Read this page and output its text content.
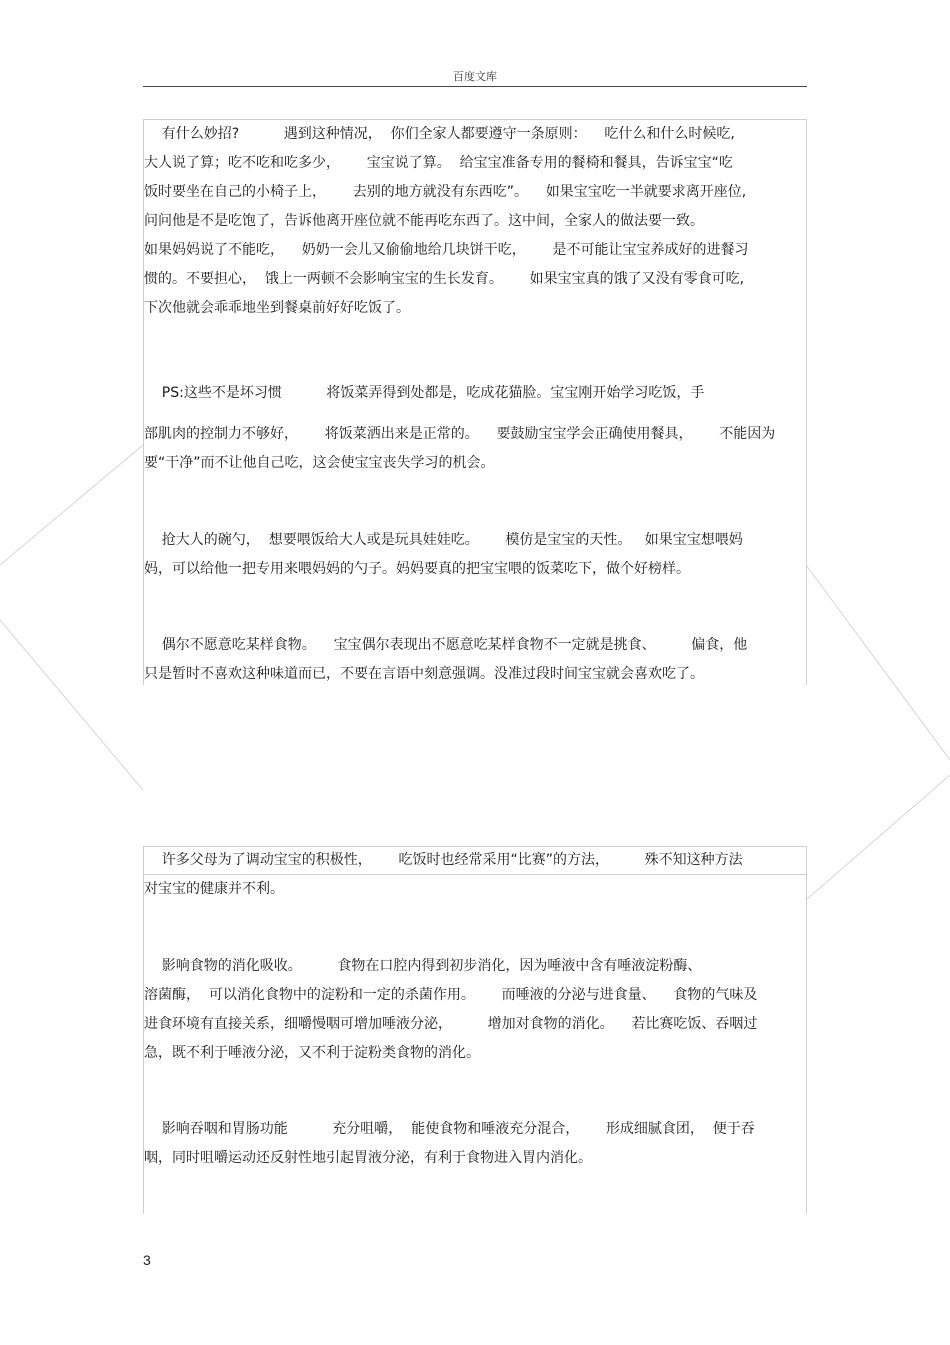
百度文库
有什么妙招?          遇到这种情况，  你们全家人都要遵守一条原则：    吃什么和什么时候吃,
大人说了算；吃不吃和吃多少，      宝宝说了算。  给宝宝准备专用的餐椅和餐具，告诉宝宝“吃
饭时要坐在自己的小椅子上，      去别的地方就没有东西吃”。    如果宝宝吃一半就要求离开座位,
问问他是不是吃饱了，告诉他离开座位就不能再吃东西了。这中间，全家人的做法要一致。
如果妈妈说了不能吃，    奶奶一会儿又偷偷地给几块饼干吃，      是不可能让宝宝养成好的进餐习
惯的。不要担心，  饿上一两顿不会影响宝宝的生长发育。      如果宝宝真的饿了又没有零食可吃,
下次他就会乖乖地坐到餐桌前好好吃饭了。
PS:这些不是坏习惯          将饭菜弄得到处都是，吃成花猫脸。宝宝刚开始学习吃饭，手
部肌肉的控制力不够好，      将饭菜洒出来是正常的。    要鼓励宝宝学会正确使用餐具，      不能因为
要“干净”而不让他自己吃，这会使宝宝丧失学习的机会。
抢大人的碗勺，  想要喂饭给大人或是玩具娃娃吃。      模仿是宝宝的天性。   如果宝宝想喂妈
妈，可以给他一把专用来喂妈妈的勺子。妈妈要真的把宝宝喂的饭菜吃下，做个好榜样。
偶尔不愿意吃某样食物。    宝宝偶尔表现出不愿意吃某样食物不一定就是挑食、        偏食，他
只是暂时不喜欢这种味道而已，不要在言语中刻意强调。没准过段时间宝宝就会喜欢吃了。
许多父母为了调动宝宝的积极性，      吃饭时也经常采用“比赛”的方法，        殊不知这种方法
对宝宝的健康并不利。
影响食物的消化吸收。        食物在口腔内得到初步消化，因为唾液中含有唾液淀粉酶、
溶菌酶，  可以消化食物中的淀粉和一定的杀菌作用。      而唾液的分泌与进食量、    食物的气味及
进食环境有直接关系，细嚼慢咽可增加唾液分泌，        增加对食物的消化。    若比赛吃饭、吞咽过
急，既不利于唾液分泌，又不利于淀粉类食物的消化。
影响吞咽和胃肠功能          充分咀嚼，  能使食物和唾液充分混合，      形成细腻食团，  便于吞
咽，同时咀嚼运动还反射性地引起胃液分泌，有利于食物进入胃内消化。
3
